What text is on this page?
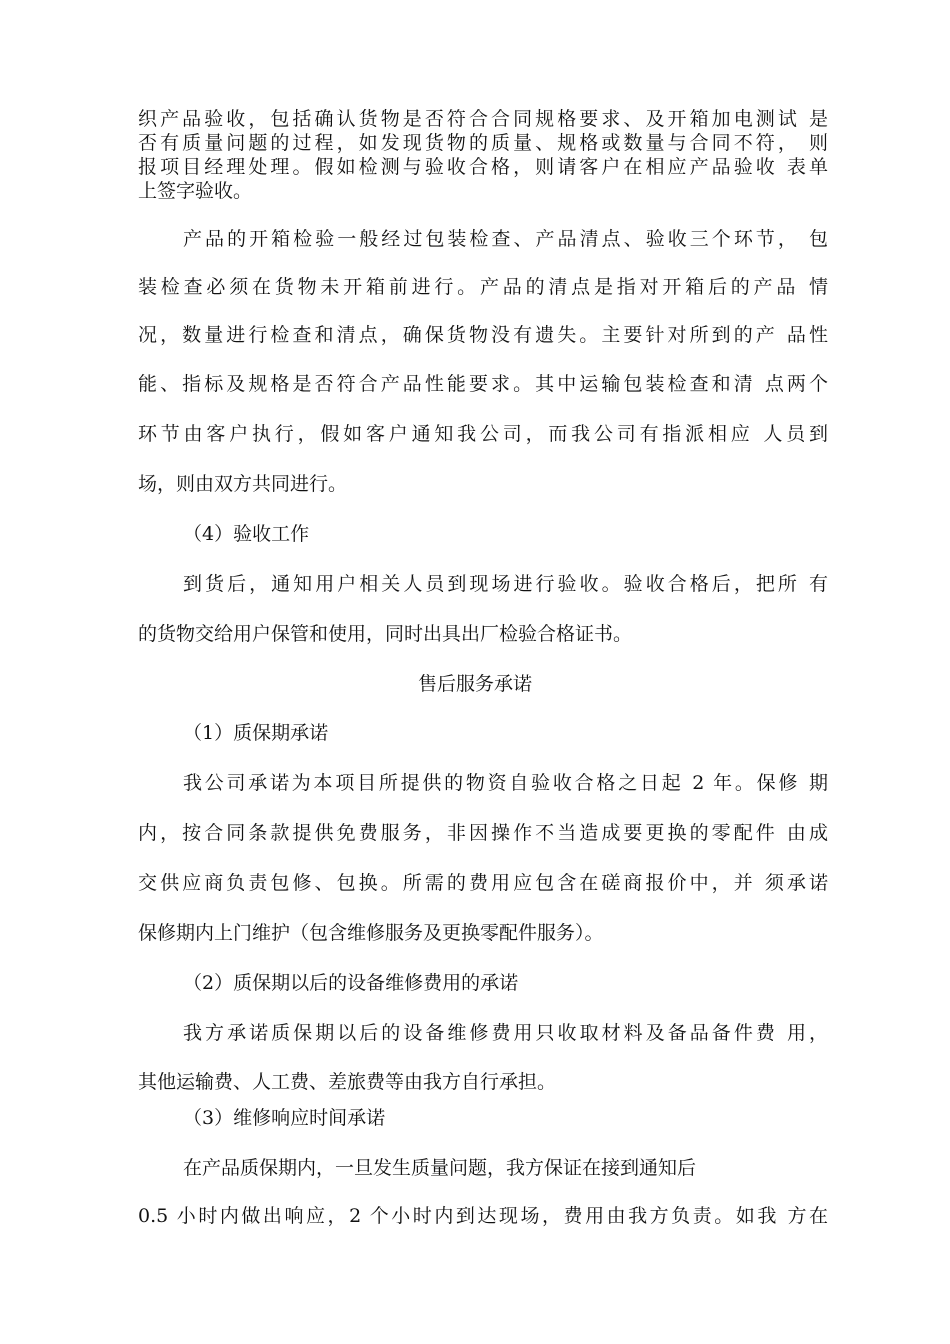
织产品验收，包括确认货物是否符合合同规格要求、及开箱加电测试 是
否有质量问题的过程，如发现货物的质量、规格或数量与合同不符， 则
报项目经理处理。假如检测与验收合格，则请客户在相应产品验收 表单
上签字验收。
产品的开箱检验一般经过包装检查、产品清点、验收三个环节， 包
装检查必须在货物未开箱前进行。产品的清点是指对开箱后的产品 情
况，数量进行检查和清点，确保货物没有遗失。主要针对所到的产 品性
能、指标及规格是否符合产品性能要求。其中运输包装检查和清 点两个
环节由客户执行，假如客户通知我公司，而我公司有指派相应 人员到
场，则由双方共同进行。
（4）验收工作
到货后，通知用户相关人员到现场进行验收。验收合格后，把所 有
的货物交给用户保管和使用，同时出具出厂检验合格证书。
售后服务承诺
（1）质保期承诺
我公司承诺为本项目所提供的物资自验收合格之日起 2 年。保修 期
内，按合同条款提供免费服务，非因操作不当造成要更换的零配件 由成
交供应商负责包修、包换。所需的费用应包含在磋商报价中，并 须承诺
保修期内上门维护（包含维修服务及更换零配件服务）。
（2）质保期以后的设备维修费用的承诺
我方承诺质保期以后的设备维修费用只收取材料及备品备件费 用，
其他运输费、人工费、差旅费等由我方自行承担。
（3）维修响应时间承诺
在产品质保期内，一旦发生质量问题，我方保证在接到通知后
0.5 小时内做出响应，2 个小时内到达现场，费用由我方负责。如我 方在
